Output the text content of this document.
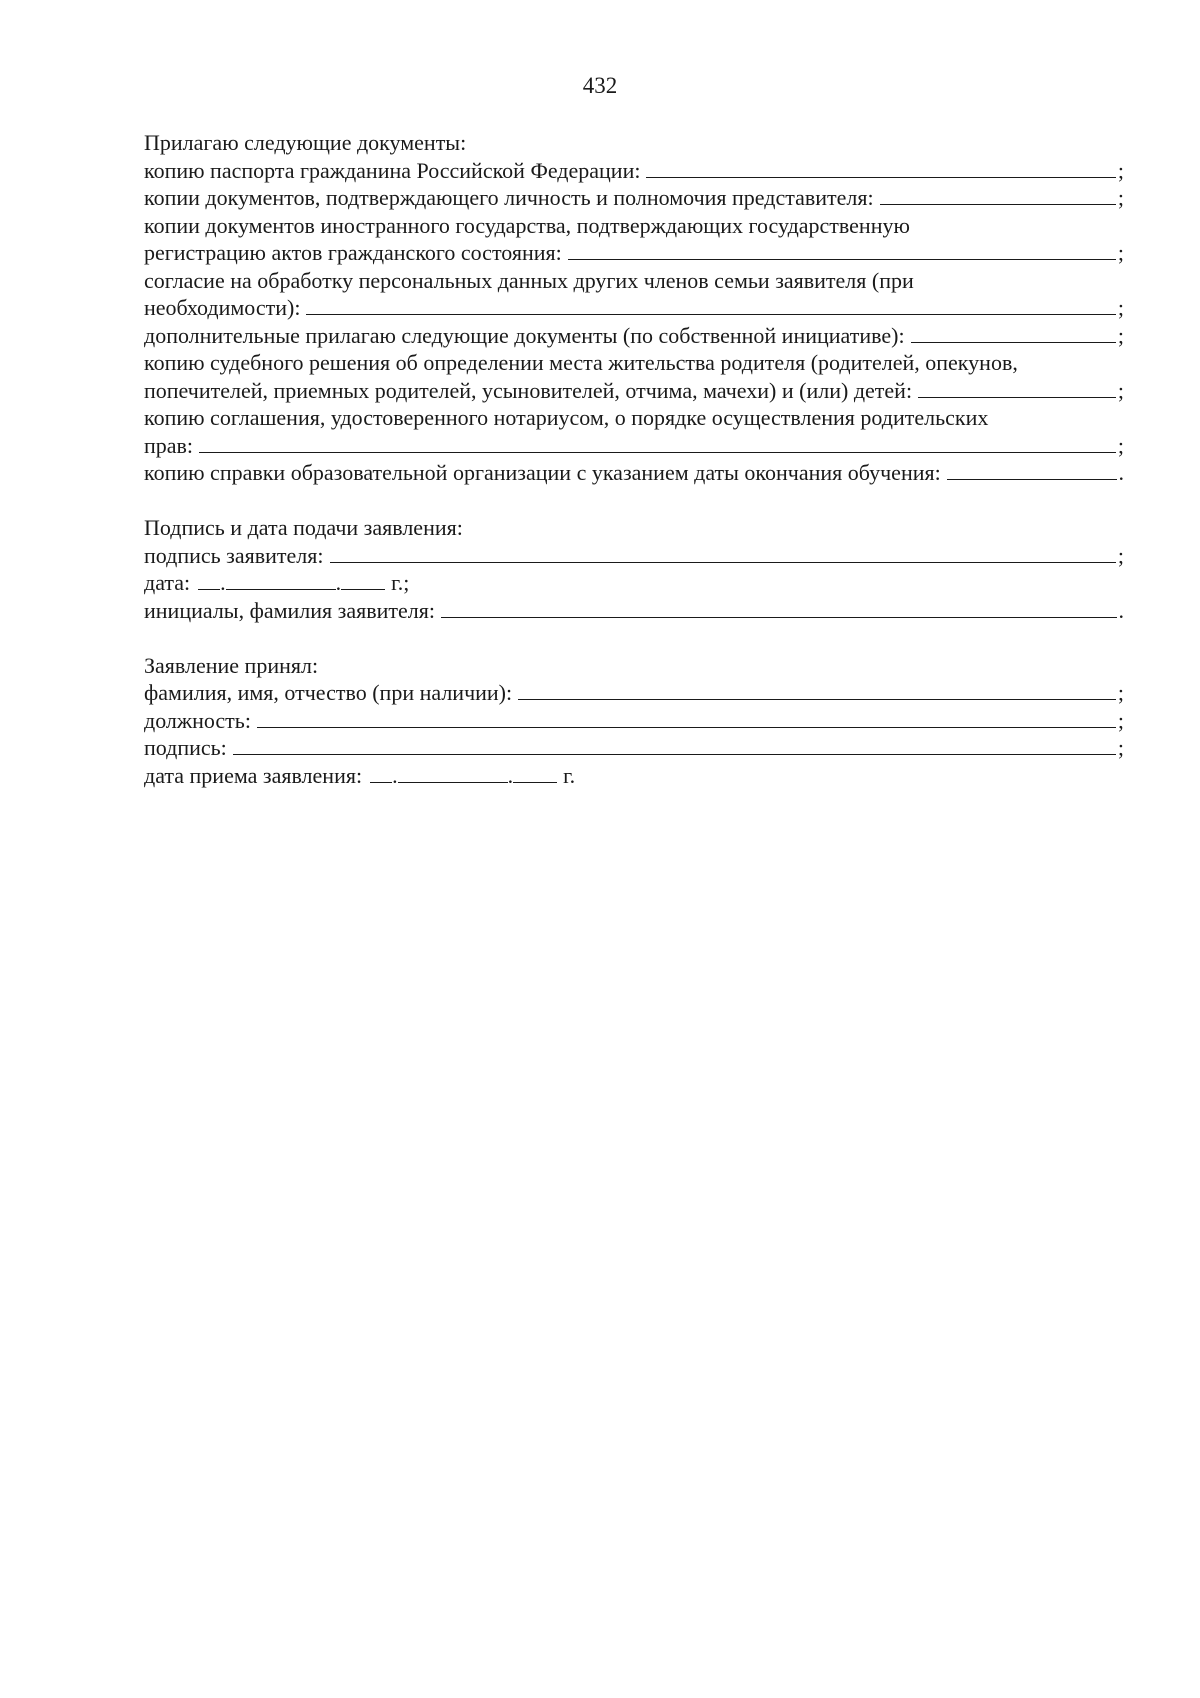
432
Прилагаю следующие документы:
копию паспорта гражданина Российской Федерации:	;
копии документов, подтверждающего личность и полномочия представителя:	;
копии документов иностранного государства, подтверждающих государственную
регистрацию актов гражданского состояния:	;
согласие на обработку персональных данных других членов семьи заявителя (при
необходимости):	;
дополнительные прилагаю следующие документы (по собственной инициативе):	;
копию судебного решения об определении места жительства родителя (родителей, опекунов,
попечителей, приемных родителей, усыновителей, отчима, мачехи) и (или) детей:	;
копию соглашения, удостоверенного нотариусом, о порядке осуществления родительских
прав:	;
копию справки образовательной организации с указанием даты окончания обучения:	.
Подпись и дата подачи заявления:
подпись заявителя:	;
дата: .	. г.;
инициалы, фамилия заявителя:	.
Заявление принял:
фамилия, имя, отчество (при наличии):	;
должность:	;
подпись:	;
дата приема заявления: .	. г.
